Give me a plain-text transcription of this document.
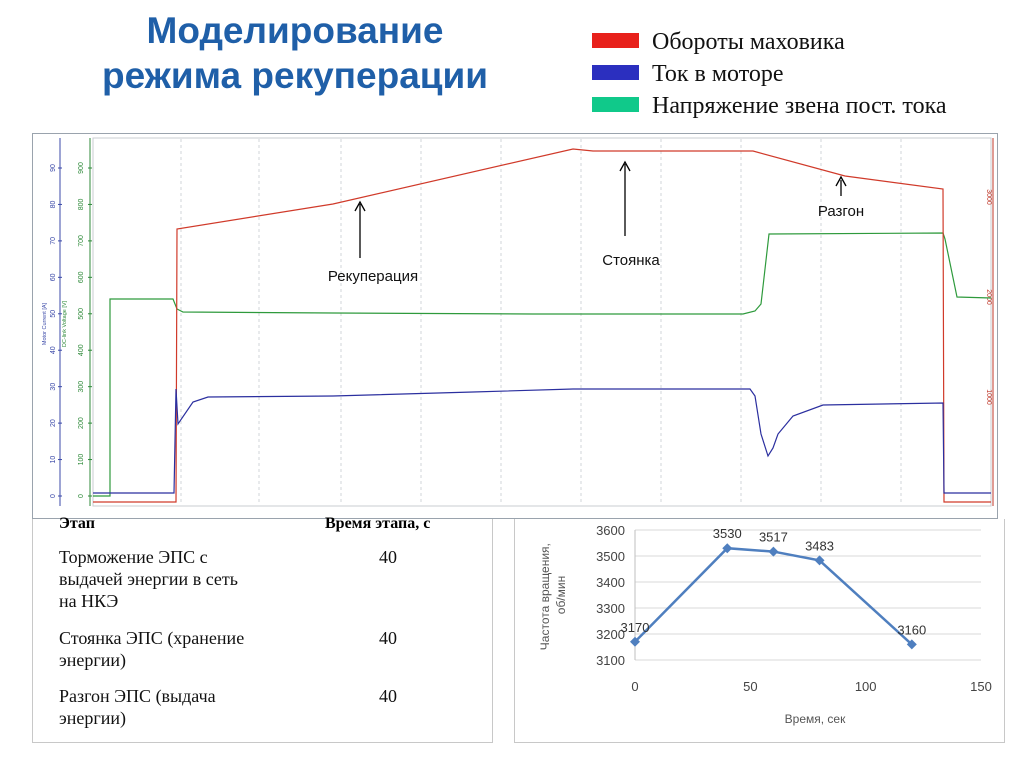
Моделирование
режима рекуперации
Обороты маховика
Ток в моторе
Напряжение звена пост. тока
Motor Current [A]	DC-link Voltage [V]
0
10
20
30
40
50
60
70
80
90
0
100
200
300
400
500
600
700
800
900
1000
2000
3000
Рекуперация
Стоянка
Разгон
Этап	Время этапа, с
Торможение ЭПС с
выдачей энергии в сеть
на НКЭ
40
Стоянка ЭПС (хранение
энергии)
40
Разгон ЭПС (выдача
энергии)
40
3100
3200
3300
3400
3500
3600
0	50	100	150
3170
3530 3517
3483
3160
Время, сек
Частота вращения, об/мин
